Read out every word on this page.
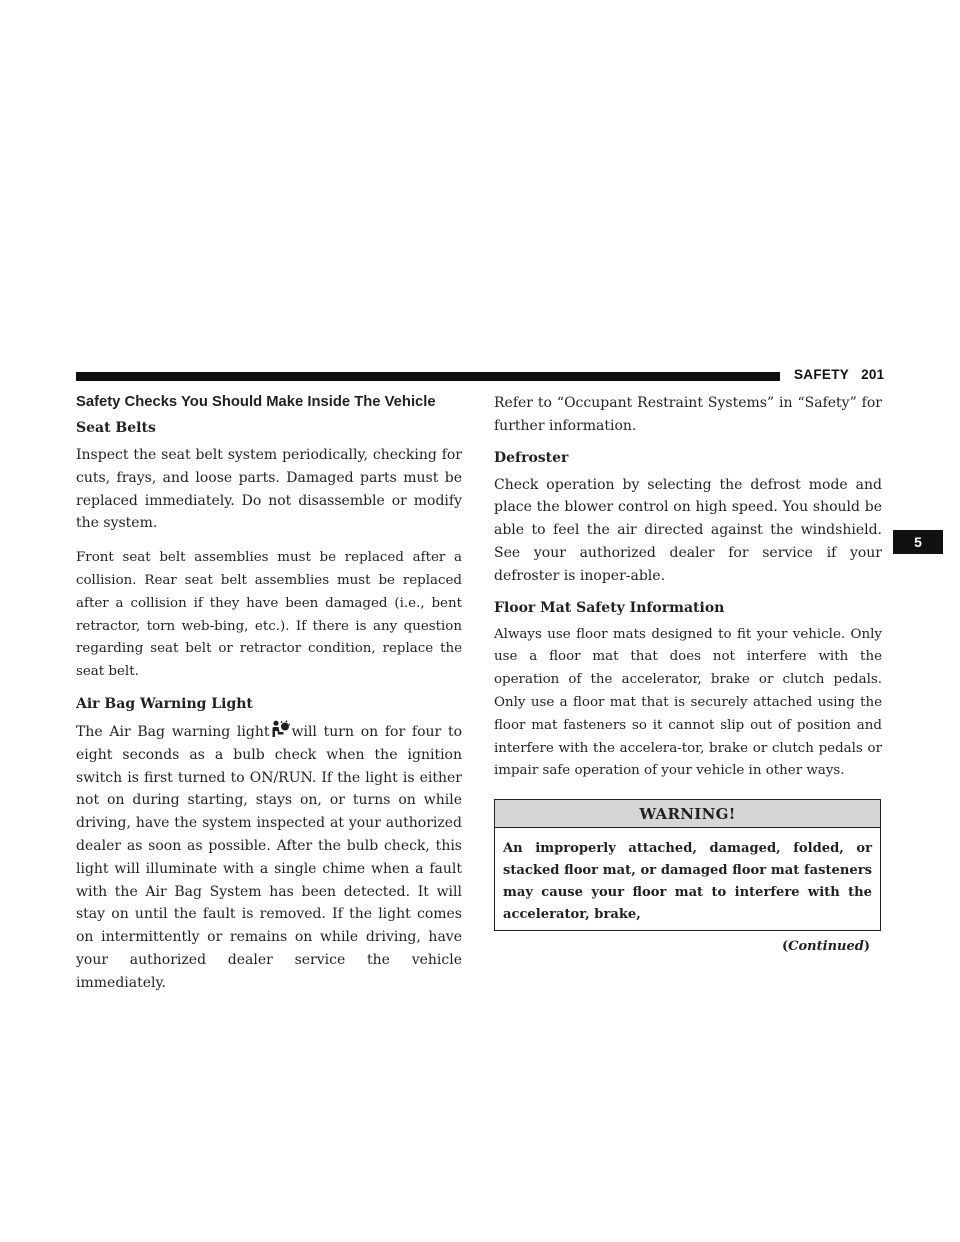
SAFETY 201
5
Safety Checks You Should Make Inside The Vehicle
Seat Belts

Inspect the seat belt system periodically, checking for cuts, frays, and loose parts. Damaged parts must be replaced immediately. Do not disassemble or modify the system.

Front seat belt assemblies must be replaced after a collision. Rear seat belt assemblies must be replaced after a collision if they have been damaged (i.e., bent retractor, torn web-bing, etc.). If there is any question regarding seat belt or retractor condition, replace the seat belt.

Air Bag Warning Light

The Air Bag warning light will turn on for four to eight seconds as a bulb check when the ignition switch is first turned to ON/RUN. If the light is either not on during starting, stays on, or turns on while driving, have the system inspected at your authorized dealer as soon as possible. After the bulb check, this light will illuminate with a single chime when a fault with the Air Bag System has been detected. It will stay on until the fault is removed. If the light comes on intermittently or remains on while driving, have your authorized dealer service the vehicle immediately.

Refer to “Occupant Restraint Systems” in “Safety” for further information.

Defroster

Check operation by selecting the defrost mode and place the blower control on high speed. You should be able to feel the air directed against the windshield. See your authorized dealer for service if your defroster is inoper-able.

Floor Mat Safety Information

Always use floor mats designed to fit your vehicle. Only use a floor mat that does not interfere with the operation of the accelerator, brake or clutch pedals. Only use a floor mat that is securely attached using the floor mat fasteners so it cannot slip out of position and interfere with the accelera-tor, brake or clutch pedals or impair safe operation of your vehicle in other ways.

WARNING!
An improperly attached, damaged, folded, or stacked floor mat, or damaged floor mat fasteners may cause your floor mat to interfere with the accelerator, brake,
(Continued)
